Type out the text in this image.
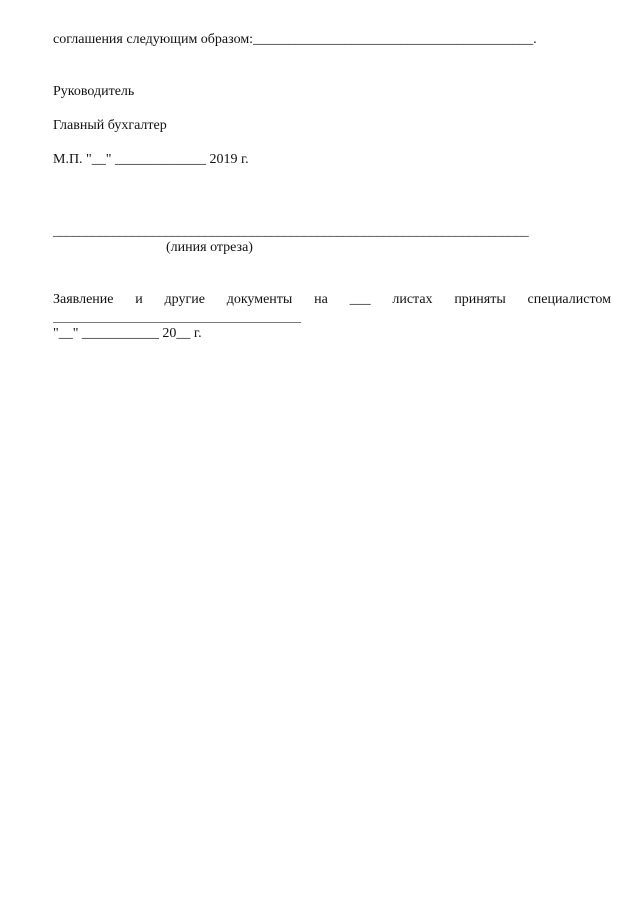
соглашения следующим образом:________________________________________.
Руководитель
Главный бухгалтер
М.П. "__" _____________ 2019 г.
________________________________________________________________________
(линия отреза)
Заявление и другие документы на ___ листах приняты специалистом
"__" ___________ 20__ г.
